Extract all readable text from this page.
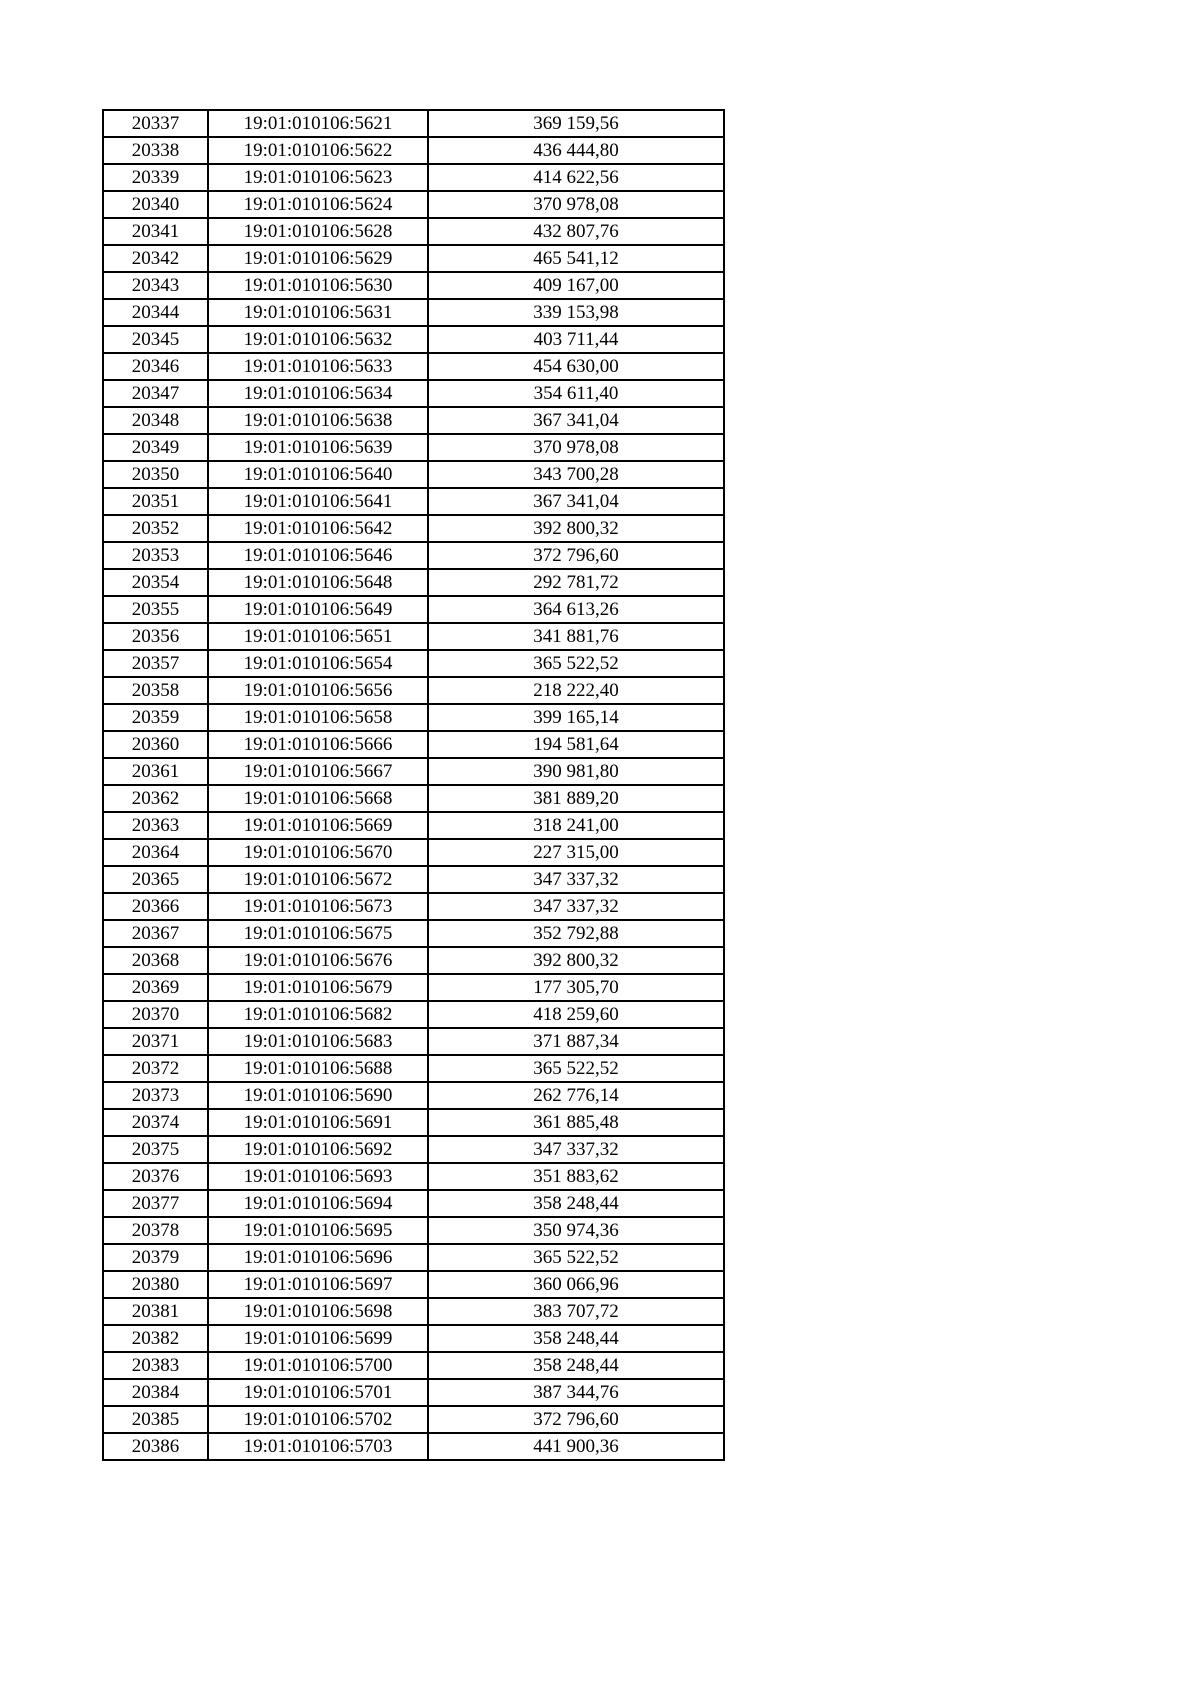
20337	19:01:010106:5621	369 159,56
20338	19:01:010106:5622	436 444,80
20339	19:01:010106:5623	414 622,56
20340	19:01:010106:5624	370 978,08
20341	19:01:010106:5628	432 807,76
20342	19:01:010106:5629	465 541,12
20343	19:01:010106:5630	409 167,00
20344	19:01:010106:5631	339 153,98
20345	19:01:010106:5632	403 711,44
20346	19:01:010106:5633	454 630,00
20347	19:01:010106:5634	354 611,40
20348	19:01:010106:5638	367 341,04
20349	19:01:010106:5639	370 978,08
20350	19:01:010106:5640	343 700,28
20351	19:01:010106:5641	367 341,04
20352	19:01:010106:5642	392 800,32
20353	19:01:010106:5646	372 796,60
20354	19:01:010106:5648	292 781,72
20355	19:01:010106:5649	364 613,26
20356	19:01:010106:5651	341 881,76
20357	19:01:010106:5654	365 522,52
20358	19:01:010106:5656	218 222,40
20359	19:01:010106:5658	399 165,14
20360	19:01:010106:5666	194 581,64
20361	19:01:010106:5667	390 981,80
20362	19:01:010106:5668	381 889,20
20363	19:01:010106:5669	318 241,00
20364	19:01:010106:5670	227 315,00
20365	19:01:010106:5672	347 337,32
20366	19:01:010106:5673	347 337,32
20367	19:01:010106:5675	352 792,88
20368	19:01:010106:5676	392 800,32
20369	19:01:010106:5679	177 305,70
20370	19:01:010106:5682	418 259,60
20371	19:01:010106:5683	371 887,34
20372	19:01:010106:5688	365 522,52
20373	19:01:010106:5690	262 776,14
20374	19:01:010106:5691	361 885,48
20375	19:01:010106:5692	347 337,32
20376	19:01:010106:5693	351 883,62
20377	19:01:010106:5694	358 248,44
20378	19:01:010106:5695	350 974,36
20379	19:01:010106:5696	365 522,52
20380	19:01:010106:5697	360 066,96
20381	19:01:010106:5698	383 707,72
20382	19:01:010106:5699	358 248,44
20383	19:01:010106:5700	358 248,44
20384	19:01:010106:5701	387 344,76
20385	19:01:010106:5702	372 796,60
20386	19:01:010106:5703	441 900,36
